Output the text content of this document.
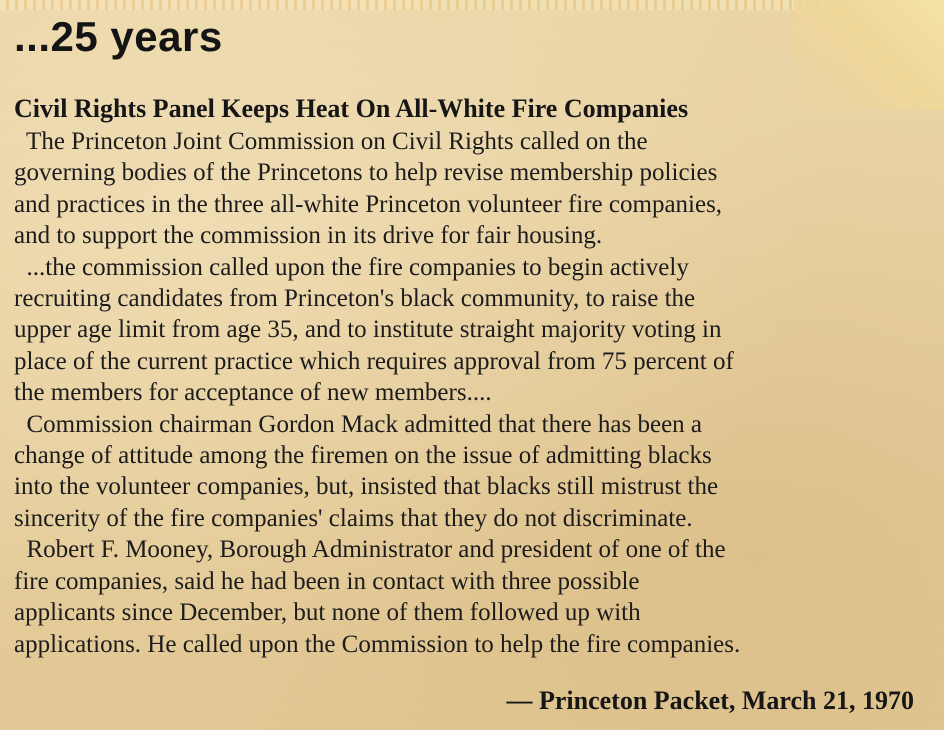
...25 years
Civil Rights Panel Keeps Heat On All-White Fire Companies
The Princeton Joint Commission on Civil Rights called on the
governing bodies of the Princetons to help revise membership policies
and practices in the three all-white Princeton volunteer fire companies,
and to support the commission in its drive for fair housing.
...the commission called upon the fire companies to begin actively
recruiting candidates from Princeton's black community, to raise the
upper age limit from age 35, and to institute straight majority voting in
place of the current practice which requires approval from 75 percent of
the members for acceptance of new members....
Commission chairman Gordon Mack admitted that there has been a
change of attitude among the firemen on the issue of admitting blacks
into the volunteer companies, but, insisted that blacks still mistrust the
sincerity of the fire companies' claims that they do not discriminate.
Robert F. Mooney, Borough Administrator and president of one of the
fire companies, said he had been in contact with three possible
applicants since December, but none of them followed up with
applications. He called upon the Commission to help the fire companies.
— Princeton Packet, March 21, 1970
